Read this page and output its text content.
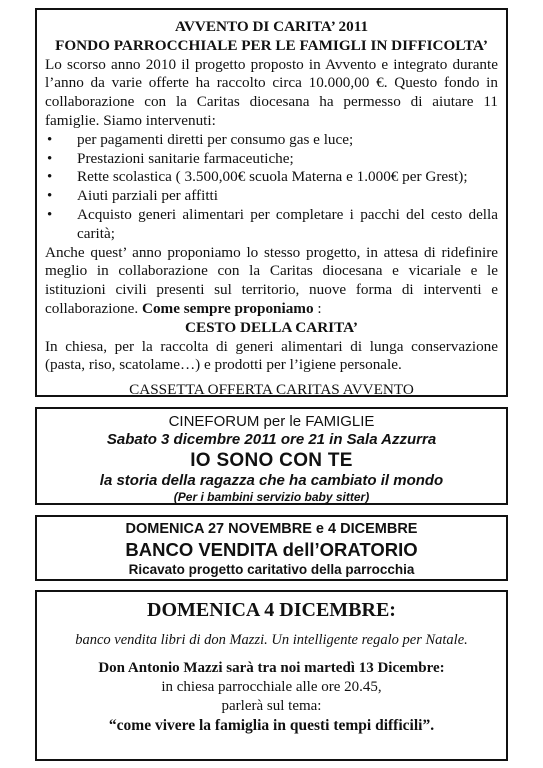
AVVENTO DI CARITA’ 2011
FONDO PARROCCHIALE PER LE FAMIGLI IN DIFFICOLTA’
Lo scorso anno 2010 il progetto proposto in Avvento e integrato durante l’anno da varie offerte ha raccolto circa 10.000,00 €. Questo fondo in collaborazione con la Caritas diocesana ha permesso di aiutare 11 famiglie. Siamo intervenuti:
• per pagamenti diretti per consumo gas e luce;
• Prestazioni sanitarie farmaceutiche;
• Rette scolastica ( 3.500,00€ scuola Materna e 1.000€ per Grest);
• Aiuti parziali per affitti
• Acquisto generi alimentari per completare i pacchi del cesto della carità;
Anche quest’ anno proponiamo lo stesso progetto, in attesa di ridefinire meglio in collaborazione con la Caritas diocesana e vicariale e le istituzioni civili presenti sul territorio, nuove forma di interventi e collaborazione. Come sempre proponiamo :
CESTO DELLA CARITA’
In chiesa, per la raccolta di generi alimentari di lunga conservazione (pasta, riso, scatolame…) e prodotti per l’igiene personale.
CASSETTA OFFERTA CARITAS AVVENTO
CINEFORUM per le FAMIGLIE
Sabato 3 dicembre 2011 ore 21 in Sala Azzurra
IO SONO CON TE
la storia della ragazza che ha cambiato il mondo
(Per i bambini servizio baby sitter)
DOMENICA 27 NOVEMBRE e 4 DICEMBRE
BANCO VENDITA dell’ORATORIO
Ricavato progetto caritativo della parrocchia
DOMENICA 4 DICEMBRE:
banco vendita libri di don Mazzi. Un intelligente regalo per Natale.
Don Antonio Mazzi sarà tra noi martedì 13 Dicembre:
in chiesa parrocchiale alle ore 20.45,
parlerà sul tema:
“come vivere la famiglia in questi tempi difficili”.
